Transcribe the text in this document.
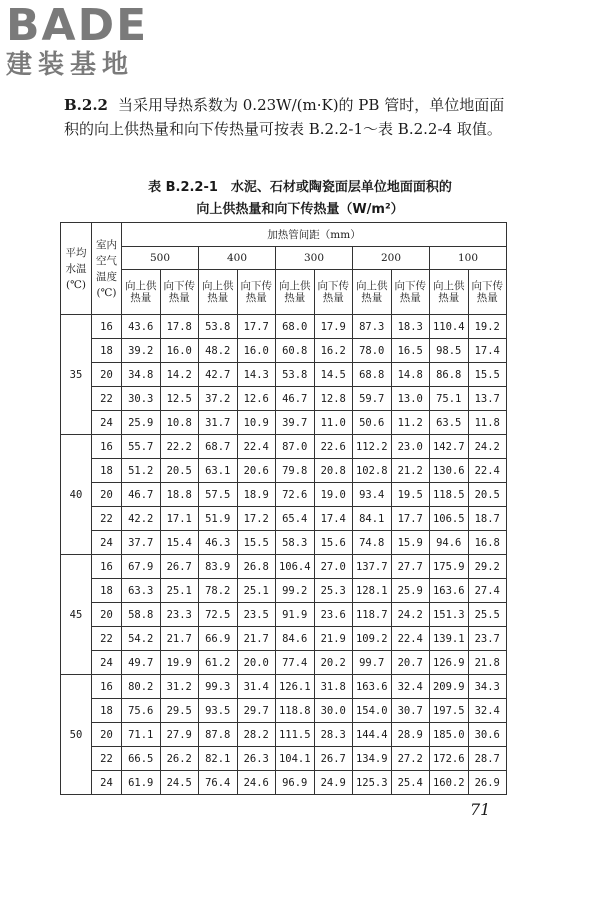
BADE
建装基地
B.2.2 当采用导热系数为 0.23W/(m·K)的 PB 管时，单位地面面积的向上供热量和向下传热量可按表 B.2.2-1～表 B.2.2-4 取值。
表 B.2.2-1　水泥、石材或陶瓷面层单位地面面积的
向上供热量和向下传热量（W/m²）
平均水温(℃)	室内空气温度(℃)	加热管间距（mm）									
		500		400		300		200		100	
		向上供热量	向下传热量	向上供热量	向下传热量	向上供热量	向下传热量	向上供热量	向下传热量	向上供热量	向下传热量
35	16	43.6	17.8	53.8	17.7	68.0	17.9	87.3	18.3	110.4	19.2
	18	39.2	16.0	48.2	16.0	60.8	16.2	78.0	16.5	98.5	17.4
	20	34.8	14.2	42.7	14.3	53.8	14.5	68.8	14.8	86.8	15.5
	22	30.3	12.5	37.2	12.6	46.7	12.8	59.7	13.0	75.1	13.7
	24	25.9	10.8	31.7	10.9	39.7	11.0	50.6	11.2	63.5	11.8
40	16	55.7	22.2	68.7	22.4	87.0	22.6	112.2	23.0	142.7	24.2
	18	51.2	20.5	63.1	20.6	79.8	20.8	102.8	21.2	130.6	22.4
	20	46.7	18.8	57.5	18.9	72.6	19.0	93.4	19.5	118.5	20.5
	22	42.2	17.1	51.9	17.2	65.4	17.4	84.1	17.7	106.5	18.7
	24	37.7	15.4	46.3	15.5	58.3	15.6	74.8	15.9	94.6	16.8
45	16	67.9	26.7	83.9	26.8	106.4	27.0	137.7	27.7	175.9	29.2
	18	63.3	25.1	78.2	25.1	99.2	25.3	128.1	25.9	163.6	27.4
	20	58.8	23.3	72.5	23.5	91.9	23.6	118.7	24.2	151.3	25.5
	22	54.2	21.7	66.9	21.7	84.6	21.9	109.2	22.4	139.1	23.7
	24	49.7	19.9	61.2	20.0	77.4	20.2	99.7	20.7	126.9	21.8
50	16	80.2	31.2	99.3	31.4	126.1	31.8	163.6	32.4	209.9	34.3
	18	75.6	29.5	93.5	29.7	118.8	30.0	154.0	30.7	197.5	32.4
	20	71.1	27.9	87.8	28.2	111.5	28.3	144.4	28.9	185.0	30.6
	22	66.5	26.2	82.1	26.3	104.1	26.7	134.9	27.2	172.6	28.7
	24	61.9	24.5	76.4	24.6	96.9	24.9	125.3	25.4	160.2	26.9
71
